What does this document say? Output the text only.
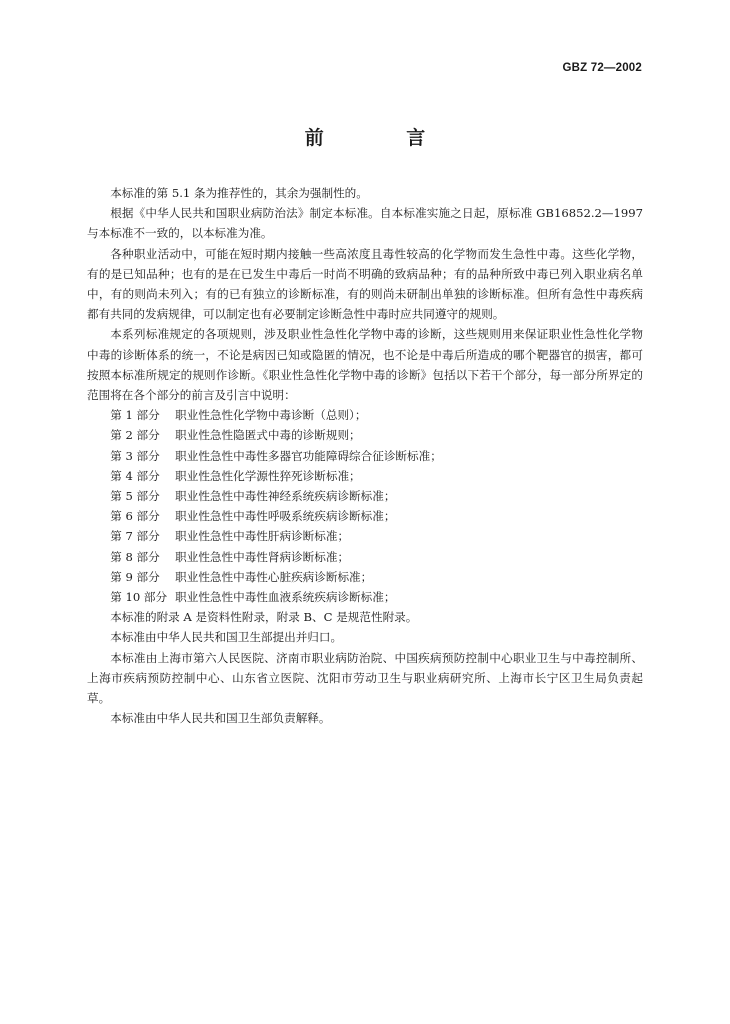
GBZ 72—2002
前 言

本标准的第 5.1 条为推荐性的，其余为强制性的。

根据《中华人民共和国职业病防治法》制定本标准。自本标准实施之日起，原标准 GB16852.2—1997 与本标准不一致的，以本标准为准。

各种职业活动中，可能在短时期内接触一些高浓度且毒性较高的化学物而发生急性中毒。这些化学物，有的是已知品种；也有的是在已发生中毒后一时尚不明确的致病品种；有的品种所致中毒已列入职业病名单中，有的则尚未列入；有的已有独立的诊断标准，有的则尚未研制出单独的诊断标准。但所有急性中毒疾病都有共同的发病规律，可以制定也有必要制定诊断急性中毒时应共同遵守的规则。

本系列标准规定的各项规则，涉及职业性急性化学物中毒的诊断，这些规则用来保证职业性急性化学物中毒的诊断体系的统一，不论是病因已知或隐匿的情况，也不论是中毒后所造成的哪个靶器官的损害，都可按照本标准所规定的规则作诊断。《职业性急性化学物中毒的诊断》包括以下若干个部分，每一部分所界定的范围将在各个部分的前言及引言中说明：

第 1 部分 职业性急性化学物中毒诊断（总则）；
第 2 部分 职业性急性隐匿式中毒的诊断规则；
第 3 部分 职业性急性中毒性多器官功能障碍综合征诊断标准；
第 4 部分 职业性急性化学源性猝死诊断标准；
第 5 部分 职业性急性中毒性神经系统疾病诊断标准；
第 6 部分 职业性急性中毒性呼吸系统疾病诊断标准；
第 7 部分 职业性急性中毒性肝病诊断标准；
第 8 部分 职业性急性中毒性肾病诊断标准；
第 9 部分 职业性急性中毒性心脏疾病诊断标准；
第 10 部分 职业性急性中毒性血液系统疾病诊断标准；

本标准的附录 A 是资料性附录，附录 B、C 是规范性附录。

本标准由中华人民共和国卫生部提出并归口。

本标准由上海市第六人民医院、济南市职业病防治院、中国疾病预防控制中心职业卫生与中毒控制所、上海市疾病预防控制中心、山东省立医院、沈阳市劳动卫生与职业病研究所、上海市长宁区卫生局负责起草。

本标准由中华人民共和国卫生部负责解释。
